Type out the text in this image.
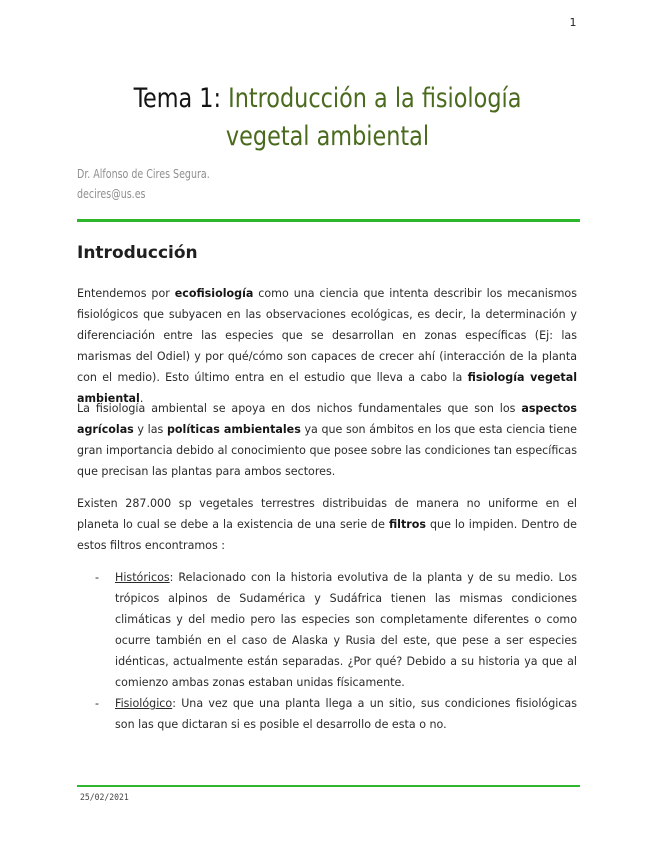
1
Tema 1: Introducción a la fisiología vegetal ambiental
Dr. Alfonso de Cires Segura.
decires@us.es
Introducción

Entendemos por ecofisiología como una ciencia que intenta describir los mecanismos fisiológicos que subyacen en las observaciones ecológicas, es decir, la determinación y diferenciación entre las especies que se desarrollan en zonas específicas (Ej: las marismas del Odiel) y por qué/cómo son capaces de crecer ahí (interacción de la planta con el medio). Esto último entra en el estudio que lleva a cabo la fisiología vegetal ambiental.

La fisiología ambiental se apoya en dos nichos fundamentales que son los aspectos agrícolas y las políticas ambientales ya que son ámbitos en los que esta ciencia tiene gran importancia debido al conocimiento que posee sobre las condiciones tan específicas que precisan las plantas para ambos sectores.

Existen 287.000 sp vegetales terrestres distribuidas de manera no uniforme en el planeta lo cual se debe a la existencia de una serie de filtros que lo impiden. Dentro de estos filtros encontramos :

- Históricos: Relacionado con la historia evolutiva de la planta y de su medio. Los trópicos alpinos de Sudamérica y Sudáfrica tienen las mismas condiciones climáticas y del medio pero las especies son completamente diferentes o como ocurre también en el caso de Alaska y Rusia del este, que pese a ser especies idénticas, actualmente están separadas. ¿Por qué? Debido a su historia ya que al comienzo ambas zonas estaban unidas físicamente.
- Fisiológico: Una vez que una planta llega a un sitio, sus condiciones fisiológicas son las que dictaran si es posible el desarrollo de esta o no.
25/02/2021
